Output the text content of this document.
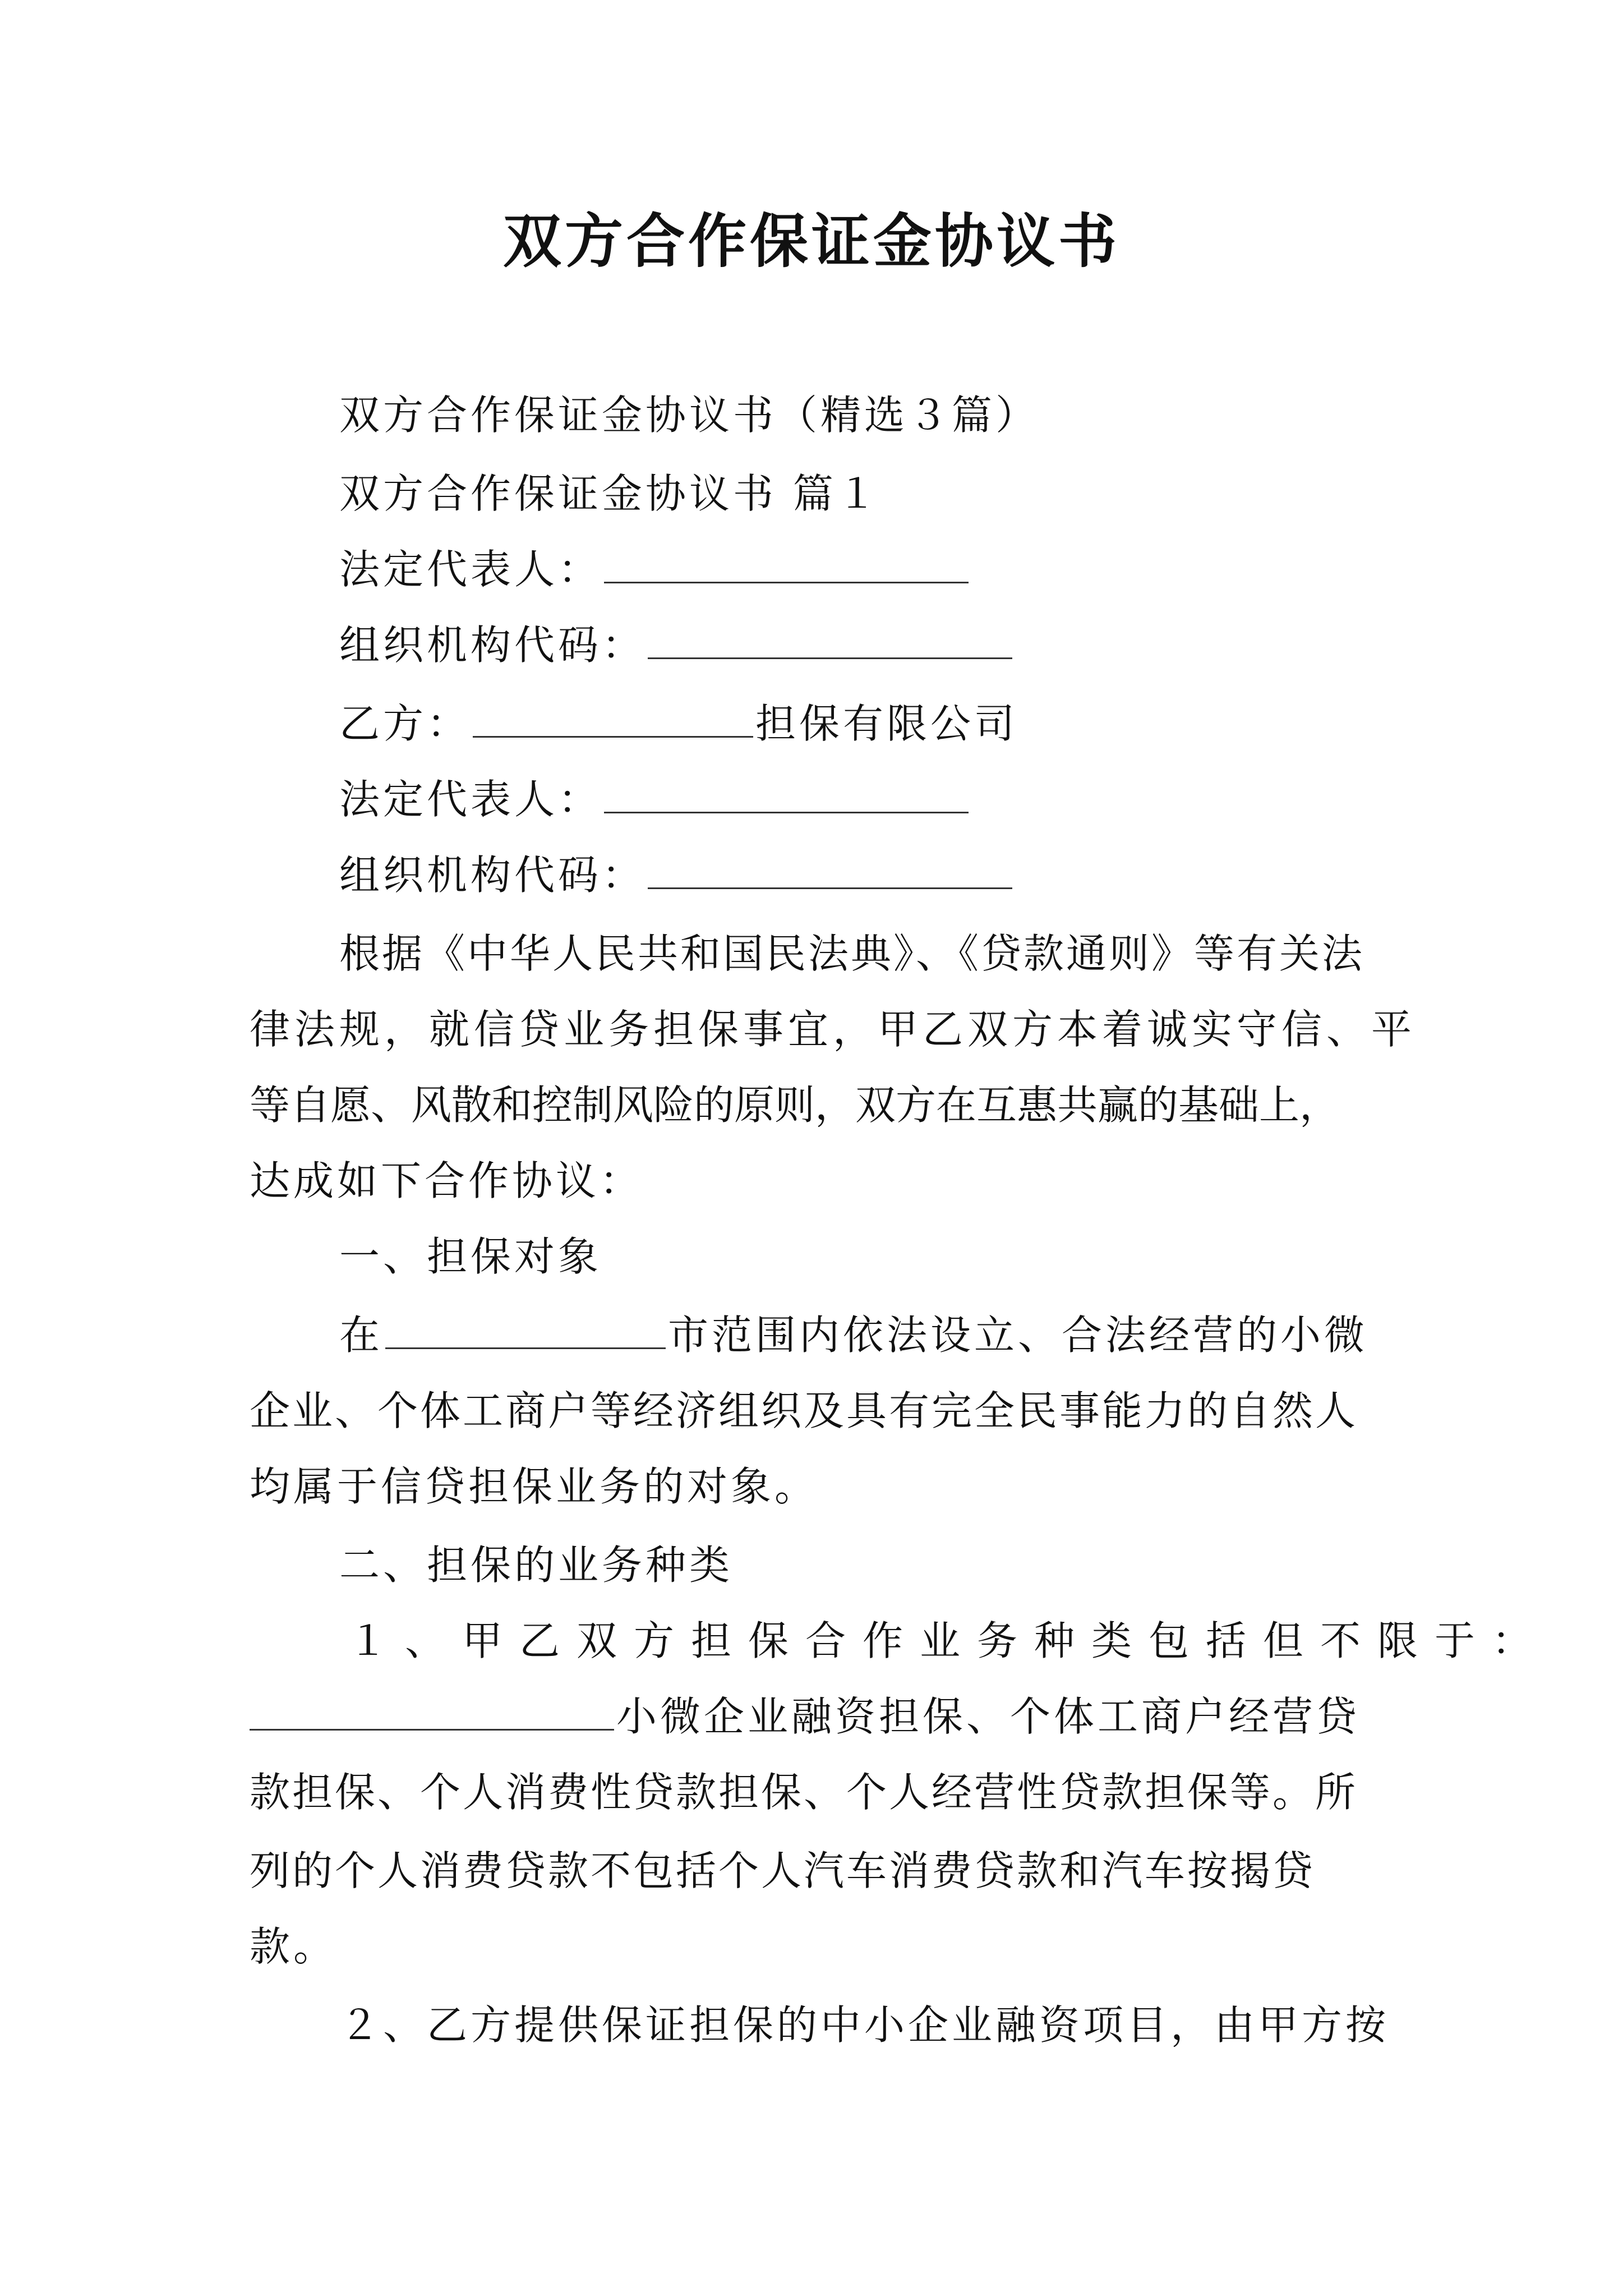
双方合作保证金协议书
双方合作保证金协议书（精选３篇）
双方合作保证金协议书 篇１
法定代表人：
组织机构代码：
乙方：	担保有限公司
法定代表人：
组织机构代码：
根据《中华人民共和国民法典》、《贷款通则》等有关法
律法规，就信贷业务担保事宜，甲乙双方本着诚实守信、平
等自愿、风散和控制风险的原则，双方在互惠共赢的基础上，
达成如下合作协议：
一、担保对象
在	市范围内依法设立、合法经营的小微
企业、个体工商户等经济组织及具有完全民事能力的自然人
均属于信贷担保业务的对象。
二、担保的业务种类
１、甲乙双方担保合作业务种类包括但不限于：
小微企业融资担保、个体工商户经营贷
款担保、个人消费性贷款担保、个人经营性贷款担保等。所
列的个人消费贷款不包括个人汽车消费贷款和汽车按揭贷
款。
２、乙方提供保证担保的中小企业融资项目，由甲方按
